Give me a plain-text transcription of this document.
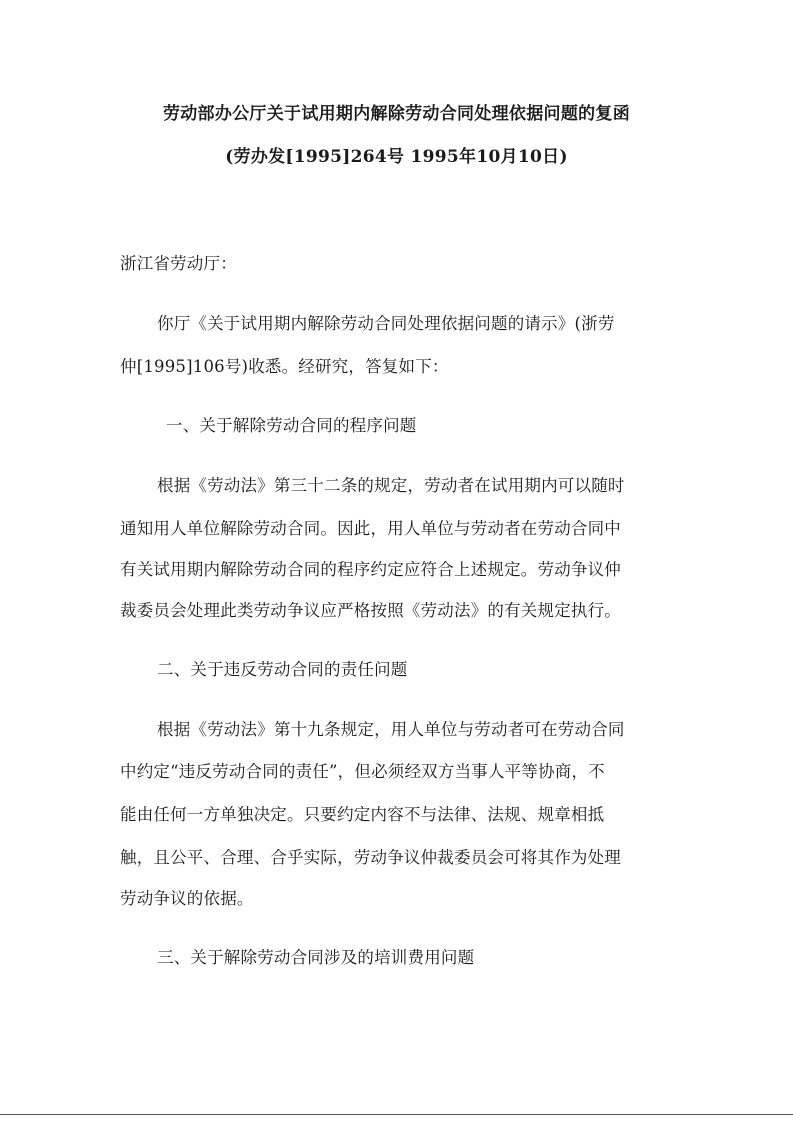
劳动部办公厅关于试用期内解除劳动合同处理依据问题的复函
(劳办发[1995]264号 1995年10月10日)
浙江省劳动厅：
你厅《关于试用期内解除劳动合同处理依据问题的请示》(浙劳
仲[1995]106号)收悉。经研究，答复如下：
一、关于解除劳动合同的程序问题
根据《劳动法》第三十二条的规定，劳动者在试用期内可以随时
通知用人单位解除劳动合同。因此，用人单位与劳动者在劳动合同中
有关试用期内解除劳动合同的程序约定应符合上述规定。劳动争议仲
裁委员会处理此类劳动争议应严格按照《劳动法》的有关规定执行。
二、关于违反劳动合同的责任问题
根据《劳动法》第十九条规定，用人单位与劳动者可在劳动合同
中约定“违反劳动合同的责任”，但必须经双方当事人平等协商，不
能由任何一方单独决定。只要约定内容不与法律、法规、规章相抵
触，且公平、合理、合乎实际，劳动争议仲裁委员会可将其作为处理
劳动争议的依据。
三、关于解除劳动合同涉及的培训费用问题
